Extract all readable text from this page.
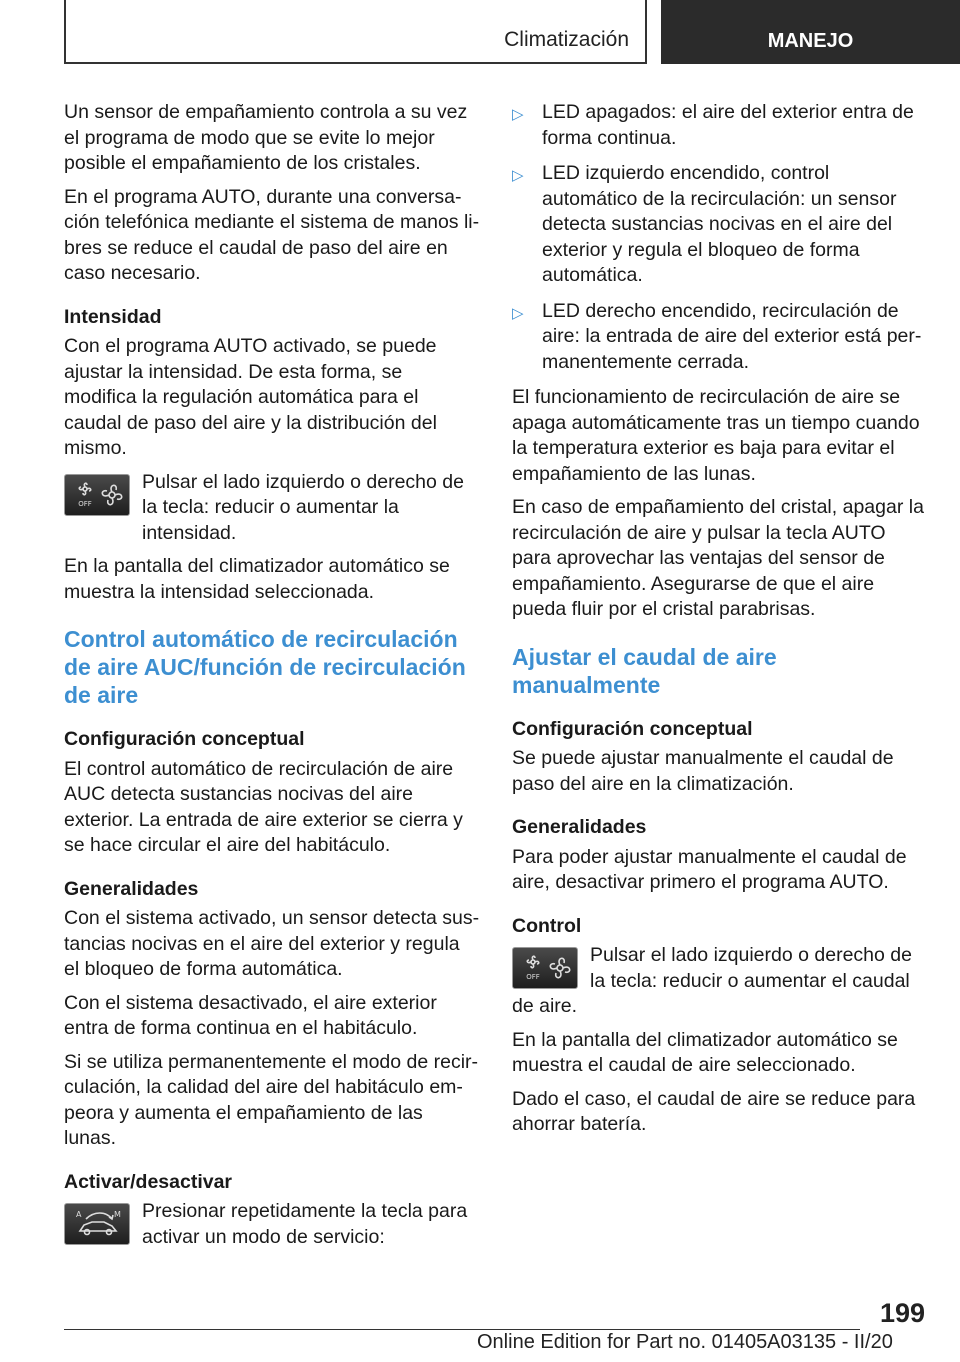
Climatización	MANEJO

Un sensor de empañamiento controla a su vez el programa de modo que se evite lo mejor posible el empañamiento de los cristales.

En el programa AUTO, durante una conversación telefónica mediante el sistema de manos libres se reduce el caudal de paso del aire en caso necesario.

Intensidad

Con el programa AUTO activado, se puede ajustar la intensidad. De esta forma, se modifica la regulación automática para el caudal de paso del aire y la distribución del mismo.

OFF

Pulsar el lado izquierdo o derecho de la tecla: reducir o aumentar la intensidad.

En la pantalla del climatizador automático se muestra la intensidad seleccionada.

Control automático de recirculación de aire AUC/función de recirculación de aire
Configuración conceptual

El control automático de recirculación de aire AUC detecta sustancias nocivas del aire exterior. La entrada de aire exterior se cierra y se hace circular el aire del habitáculo.

Generalidades

Con el sistema activado, un sensor detecta sustancias nocivas en el aire del exterior y regula el bloqueo de forma automática.

Con el sistema desactivado, el aire exterior entra de forma continua en el habitáculo.

Si se utiliza permanentemente el modo de recirculación, la calidad del aire del habitáculo empeora y aumenta el empañamiento de las lunas.

Activar/desactivar
A	M Presionar repetidamente la tecla para activar un modo de servicio:

▷ LED apagados: el aire del exterior entra de forma continua.
▷ LED izquierdo encendido, control automático de la recirculación: un sensor detecta sustancias nocivas en el aire del exterior y regula el bloqueo de forma automática.
▷ LED derecho encendido, recirculación de aire: la entrada de aire del exterior está permanentemente cerrada.

El funcionamiento de recirculación de aire se apaga automáticamente tras un tiempo cuando la temperatura exterior es baja para evitar el empañamiento de las lunas.

En caso de empañamiento del cristal, apagar la recirculación de aire y pulsar la tecla AUTO para aprovechar las ventajas del sensor de empañamiento. Asegurarse de que el aire pueda fluir por el cristal parabrisas.

Ajustar el caudal de aire manualmente
Configuración conceptual

Se puede ajustar manualmente el caudal de paso del aire en la climatización.

Generalidades

Para poder ajustar manualmente el caudal de aire, desactivar primero el programa AUTO.

Control
OFF

Pulsar el lado izquierdo o derecho de la tecla: reducir o aumentar el caudal de aire.

En la pantalla del climatizador automático se muestra el caudal de aire seleccionado.

Dado el caso, el caudal de aire se reduce para ahorrar batería.

199
Online Edition for Part no. 01405A03135 - II/20
